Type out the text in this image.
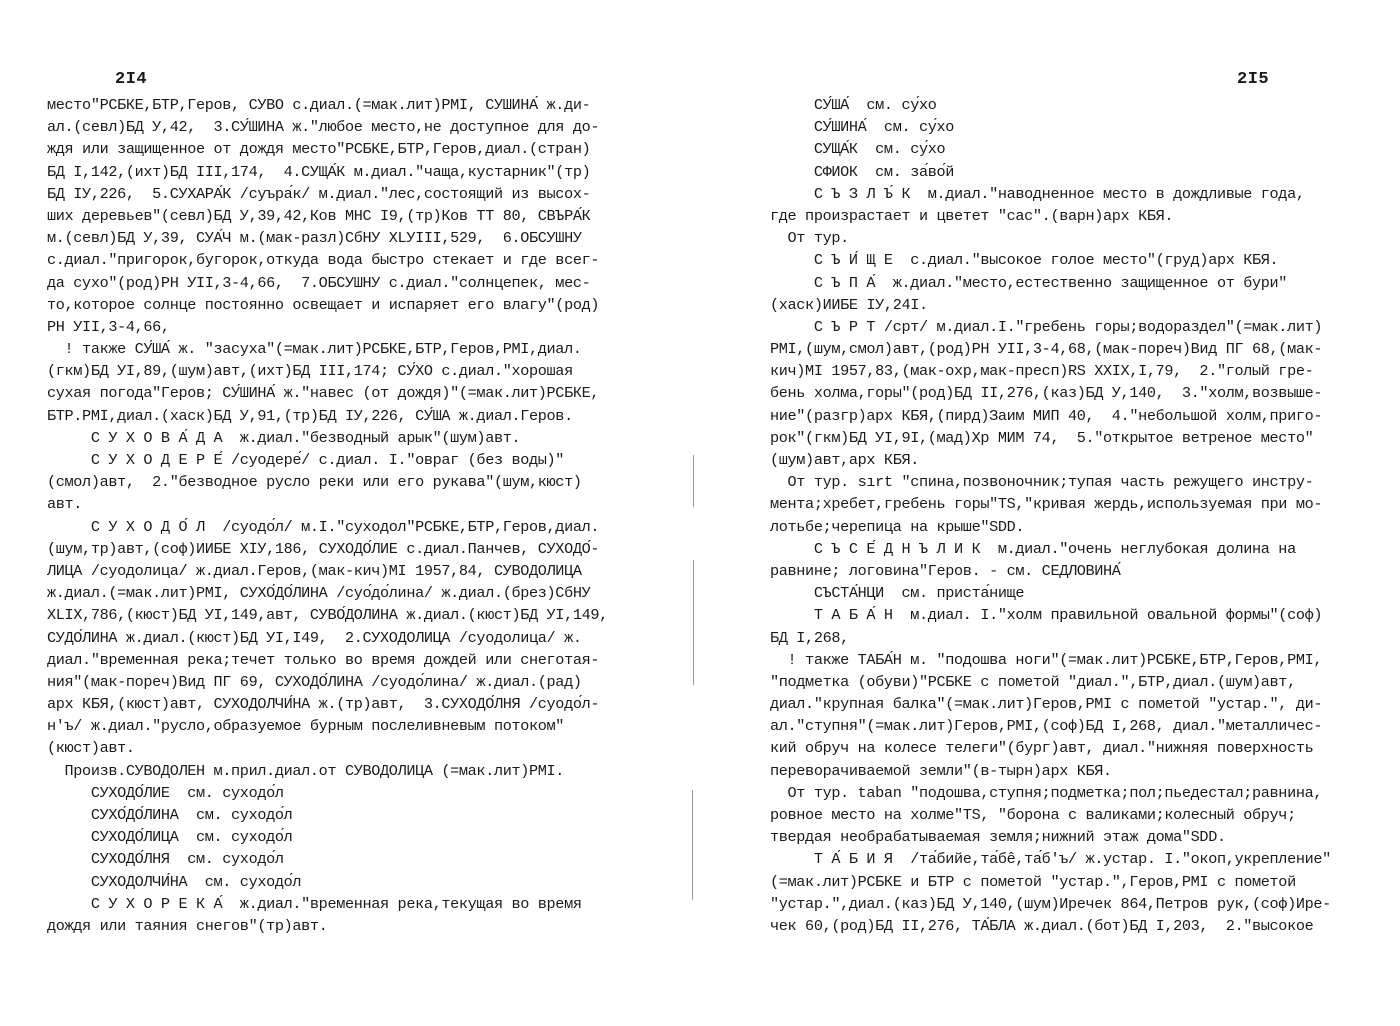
2I4
место"РСБКЕ,БТР,Геров, СУВО с.диал.(=мак.лит)PMI, СУШИНА́ ж.ди-
ал.(севл)БД У,42,  3.СУ́ШИНА ж."любое место,не доступное для до-
ждя или защищенное от дождя место"РСБКЕ,БТР,Геров,диал.(стран)
БД I,142,(ихт)БД III,174,  4.СУЩА́К м.диал."чаща,кустарник"(тр)
БД IУ,226,  5.СУХАРА́К /суъра́к/ м.диал."лес,состоящий из высох-
ших деревьев"(севл)БД У,39,42,Ков МНС I9,(тр)Ков ТТ 80, СВЪРА́К
м.(севл)БД У,39, СУА́Ч м.(мак-разл)СбНУ XLУIII,529,  6.ОБСУШНУ
с.диал."пригорок,бугорок,откуда вода быстро стекает и где всег-
да сухо"(род)РН УII,3-4,66,  7.ОБСУШНУ с.диал."солнцепек, мес-
то,которое солнце постоянно освещает и испаряет его влагу"(род)
РН УII,3-4,66,
! также СУ́ША́ ж. "засуха"(=мак.лит)РСБКЕ,БТР,Геров,PMI,диал.
(гкм)БД УI,89,(шум)авт,(ихт)БД III,174; СУ́ХО с.диал."хорошая
сухая погода"Геров; СУ́ШИНА́ ж."навес (от дождя)"(=мак.лит)РСБКЕ,
БТР.PMI,диал.(хаск)БД У,91,(тр)БД IУ,226, СУ́ША ж.диал.Геров.
С У Х О В А́ Д А  ж.диал."безводный арык"(шум)авт.
С У Х О Д Е Р Е́ /суодере́/ с.диал. I."овраг (без воды)"
(смол)авт,  2."безводное русло реки или его рукава"(шум,кюст)
авт.
С У Х О Д О́ Л  /суодо́л/ м.I."суходол"РСБКЕ,БТР,Геров,диал.
(шум,тр)авт,(соф)ИИБЕ XIУ,186, СУХОДО́ЛИЕ с.диал.Панчев, СУХОДО́-
ЛИЦА /суодолица/ ж.диал.Геров,(мак-кич)MI 1957,84, СУВОДОЛИЦА
ж.диал.(=мак.лит)PMI, СУХО́ДО́ЛИНА /суо́до́лина/ ж.диал.(брез)СбНУ
XLIX,786,(кюст)БД УI,149,авт, СУВО́ДОЛИНА ж.диал.(кюст)БД УI,149,
СУДО́ЛИНА ж.диал.(кюст)БД УI,I49,  2.СУХОДОЛИЦА /суодолица/ ж.
диал."временная река;течет только во время дождей или снеготая-
ния"(мак-пореч)Вид ПГ 69, СУХОДО́ЛИНА /суодо́лина/ ж.диал.(рад)
арх КБЯ,(кюст)авт, СУХОДОЛЧИ́НА ж.(тр)авт,  3.СУХОДО́ЛНЯ /суодо́л-
н'ъ/ ж.диал."русло,образуемое бурным послеливневым потоком"
(кюст)авт.
Произв.СУВОДОЛЕН м.прил.диал.от СУВОДОЛИЦА (=мак.лит)PMI.
СУХОДО́ЛИЕ  см. суходо́л
СУХО́ДО́ЛИНА  см. суходо́л
СУХОДО́ЛИЦА  см. суходо́л
СУХОДО́ЛНЯ  см. суходо́л
СУХОДОЛЧИ́НА  см. суходо́л
С У Х О Р Е К А́  ж.диал."временная река,текущая во время
дождя или таяния снегов"(тр)авт.
2I5
СУ́ША́  см. су́хо
СУ́ШИНА́  см. су́хо
СУЩА́К  см. су́хо
СФИОК  см. за́во́й
С Ъ З Л Ъ́ К  м.диал."наводненное место в дождливые года,
где произрастает и цветет "сас".(варн)арх КБЯ.
От тур.
С Ъ И́ Щ Е  с.диал."высокое голое место"(груд)арх КБЯ.
С Ъ П А́  ж.диал."место,естественно защищенное от бури"
(хаск)ИИБЕ IУ,24I.
С Ъ Р Т /срт/ м.диал.I."гребень горы;водораздел"(=мак.лит)
PMI,(шум,смол)авт,(род)РН УII,3-4,68,(мак-пореч)Вид ПГ 68,(мак-
кич)MI 1957,83,(мак-охр,мак-пресп)RS XXIX,I,79,  2."голый гре-
бень холма,горы"(род)БД II,276,(каз)БД У,140,  3."холм,возвыше-
ние"(разгр)арх КБЯ,(пирд)Заим МИП 40,  4."небольшой холм,приго-
рок"(гкм)БД УI,9I,(мад)Хр МИМ 74,  5."открытое ветреное место"
(шум)авт,арх КБЯ.
От тур. sırt "спина,позвоночник;тупая часть режущего инстру-
мента;хребет,гребень горы"TS,"кривая жердь,используемая при мо-
лотьбе;черепица на крыше"SDD.
С Ъ С Е́ Д Н Ъ Л И К  м.диал."очень неглубокая долина на
равнине; логовина"Геров. - см. СЕДЛОВИНА́
СЪСТА́НЦИ  см. приста́нище
Т А Б А́ Н  м.диал. I."холм правильной овальной формы"(соф)
БД I,268,
! также ТАБА́Н м. "подошва ноги"(=мак.лит)РСБКЕ,БТР,Геров,PMI,
"подметка (обуви)"РСБКЕ с пометой "диал.",БТР,диал.(шум)авт,
диал."крупная балка"(=мак.лит)Геров,PMI с пометой "устар.", ди-
ал."ступня"(=мак.лит)Геров,PMI,(соф)БД I,268, диал."металличес-
кий обруч на колесе телеги"(бург)авт, диал."нижняя поверхность
переворачиваемой земли"(в-тырн)арх КБЯ.
От тур. taban "подошва,ступня;подметка;пол;пьедестал;равнина,
ровное место на холме"TS, "борона с валиками;колесный обруч;
твердая необрабатываемая земля;нижний этаж дома"SDD.
Т А́ Б И Я  /та́бийе,та́бê,та́б'ъ/ ж.устар. I."окоп,укрепление"
(=мак.лит)РСБКЕ и БТР с пометой "устар.",Геров,PMI с пометой
"устар.",диал.(каз)БД У,140,(шум)Иречек 864,Петров рук,(соф)Ире-
чек 60,(род)БД II,276, ТА́БЛА ж.диал.(бот)БД I,203,  2."высокое
